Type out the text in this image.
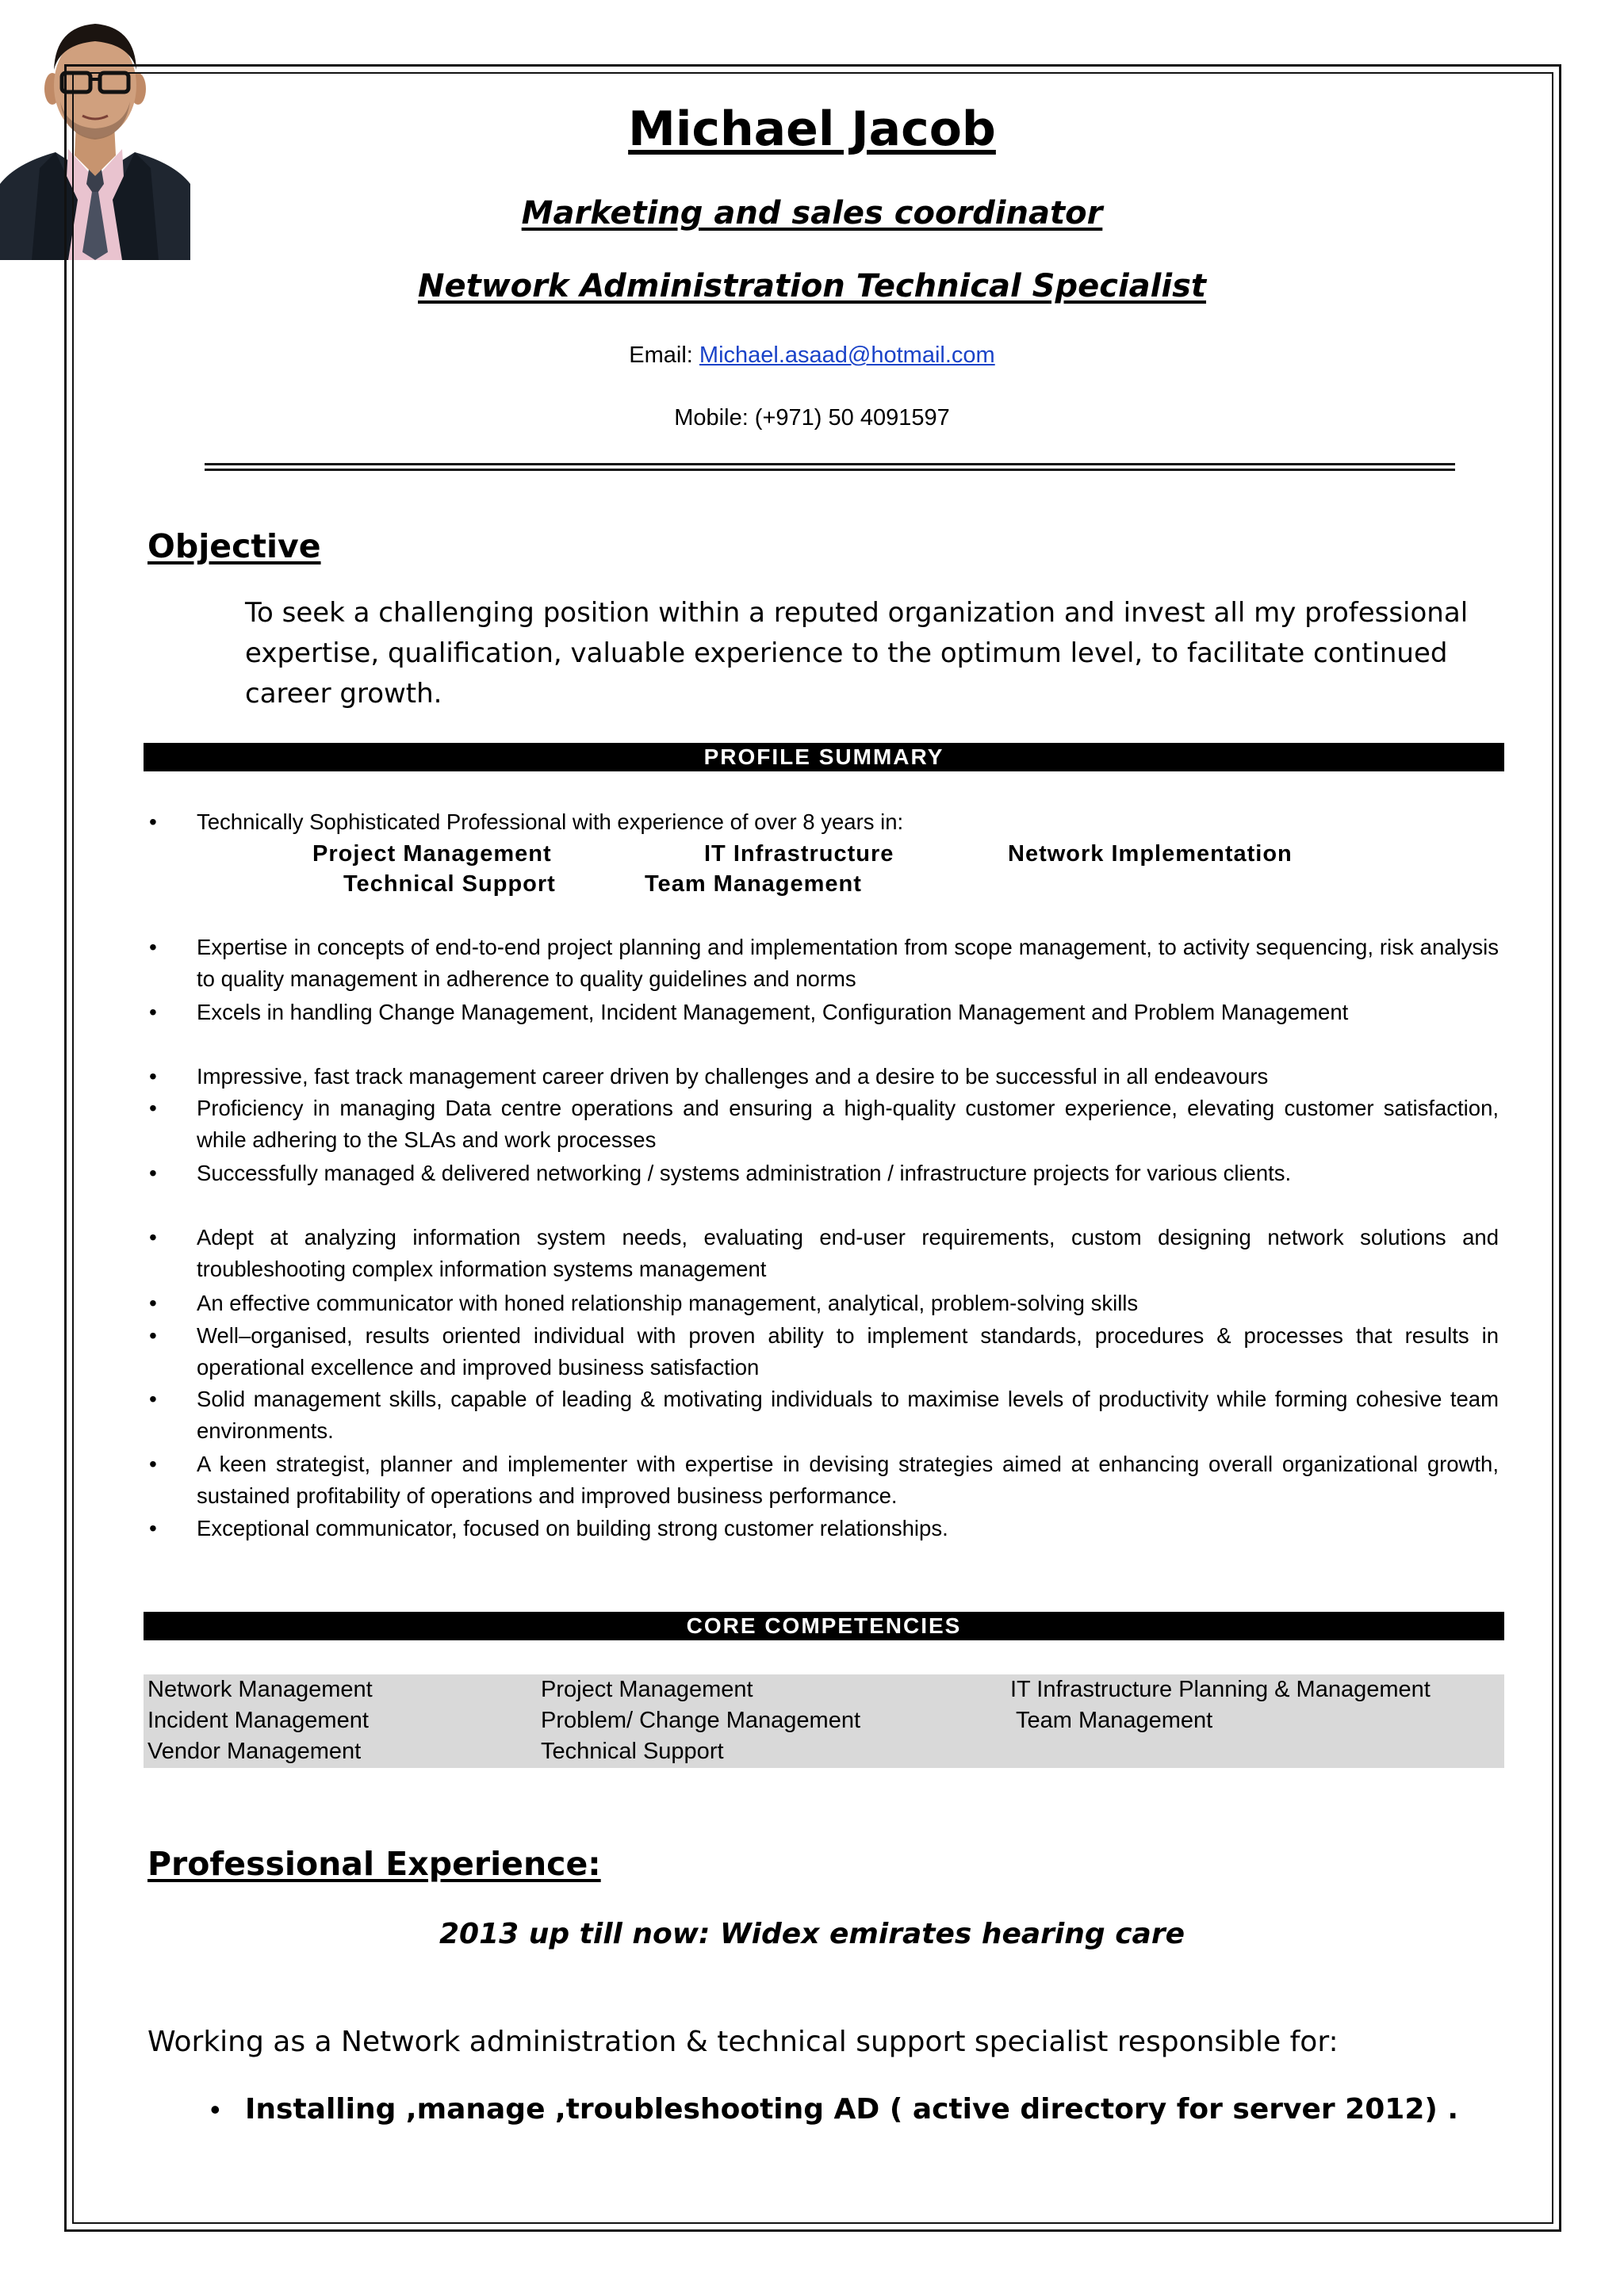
Michael Jacob
Marketing and sales coordinator
Network Administration Technical Specialist
Email: Michael.asaad@hotmail.com
Mobile: (+971) 50 4091597
Objective
To seek a challenging position within a reputed organization and invest all my professional expertise, qualification, valuable experience to the optimum level, to facilitate continued career growth.
PROFILE SUMMARY
• Technically Sophisticated Professional with experience of over 8 years in:
Project Management	IT Infrastructure	Network Implementation
Technical Support	Team Management
• Expertise in concepts of end-to-end project planning and implementation from scope management, to activity sequencing, risk analysis to quality management in adherence to quality guidelines and norms
• Excels in handling Change Management, Incident Management, Configuration Management and Problem Management
• Impressive, fast track management career driven by challenges and a desire to be successful in all endeavours
• Proficiency in managing Data centre operations and ensuring a high-quality customer experience, elevating customer satisfaction, while adhering to the SLAs and work processes
• Successfully managed & delivered networking / systems administration / infrastructure projects for various clients.
• Adept at analyzing information system needs, evaluating end-user requirements, custom designing network solutions and troubleshooting complex information systems management
• An effective communicator with honed relationship management, analytical, problem-solving skills
• Well–organised, results oriented individual with proven ability to implement standards, procedures & processes that results in operational excellence and improved business satisfaction
• Solid management skills, capable of leading & motivating individuals to maximise levels of productivity while forming cohesive team environments.
• A keen strategist, planner and implementer with expertise in devising strategies aimed at enhancing overall organizational growth, sustained profitability of operations and improved business performance.
• Exceptional communicator, focused on building strong customer relationships.
CORE COMPETENCIES
Network Management	Project Management	IT Infrastructure Planning & Management
Incident Management	Problem/ Change Management	Team Management
Vendor Management	Technical Support
Professional Experience:
2013 up till now: Widex emirates hearing care
Working as a Network administration & technical support specialist responsible for:
• Installing ,manage ,troubleshooting AD ( active directory for server 2012) .
